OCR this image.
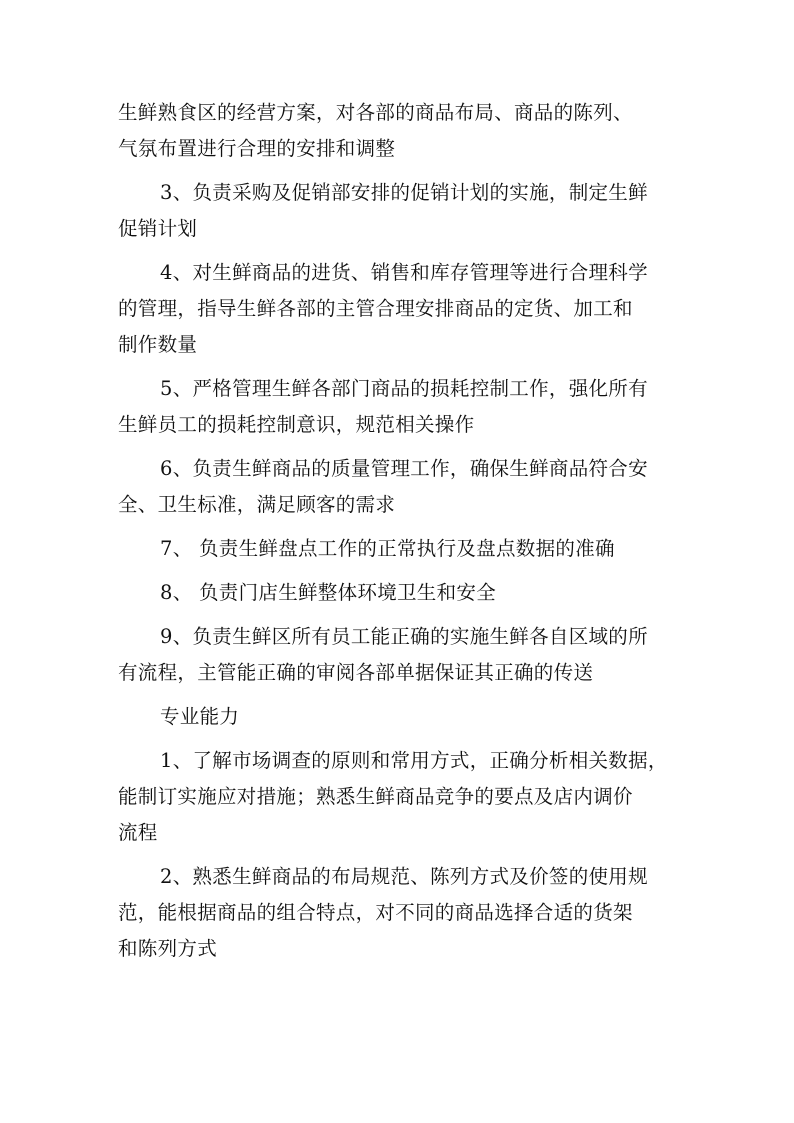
生鲜熟食区的经营方案，对各部的商品布局、商品的陈列、

气氛布置进行合理的安排和调整

3、负责采购及促销部安排的促销计划的实施，制定生鲜

促销计划

4、对生鲜商品的进货、销售和库存管理等进行合理科学

的管理，指导生鲜各部的主管合理安排商品的定货、加工和

制作数量

5、严格管理生鲜各部门商品的损耗控制工作，强化所有

生鲜员工的损耗控制意识，规范相关操作

6、负责生鲜商品的质量管理工作，确保生鲜商品符合安

全、卫生标准，满足顾客的需求

7、 负责生鲜盘点工作的正常执行及盘点数据的准确

8、 负责门店生鲜整体环境卫生和安全

9、负责生鲜区所有员工能正确的实施生鲜各自区域的所

有流程，主管能正确的审阅各部单据保证其正确的传送

专业能力

1、了解市场调查的原则和常用方式，正确分析相关数据，

能制订实施应对措施；熟悉生鲜商品竞争的要点及店内调价

流程

2、熟悉生鲜商品的布局规范、陈列方式及价签的使用规

范，能根据商品的组合特点，对不同的商品选择合适的货架

和陈列方式
